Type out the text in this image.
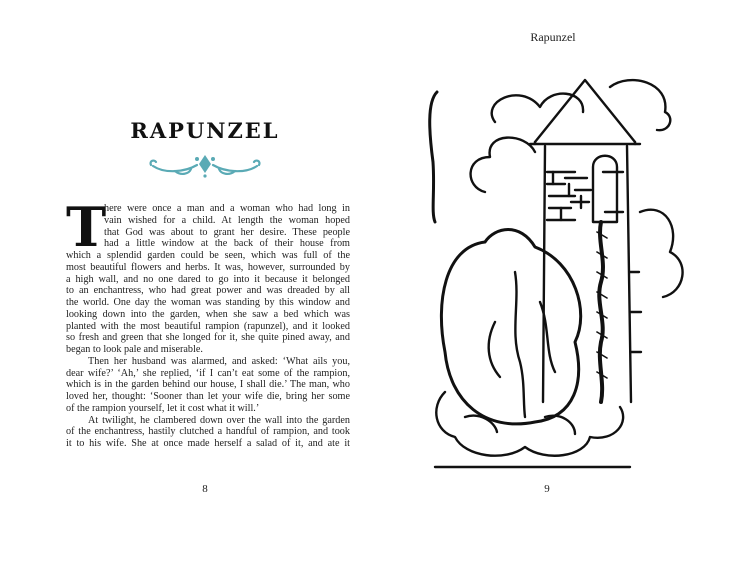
RAPUNZEL
T
here were once a man and a woman who had long in
vain wished for a child. At length the woman hoped
that God was about to grant her desire. These people
had a little window at the back of their house from
which a splendid garden could be seen, which was full of the
most beautiful flowers and herbs. It was, however, surrounded by
a high wall, and no one dared to go into it because it belonged
to an enchantress, who had great power and was dreaded by all
the world. One day the woman was standing by this window and
looking down into the garden, when she saw a bed which was
planted with the most beautiful rampion (rapunzel), and it looked
so fresh and green that she longed for it, she quite pined away, and
began to look pale and miserable.
Then her husband was alarmed, and asked: ‘What ails you,
dear wife?’ ‘Ah,’ she replied, ‘if I can’t eat some of the rampion,
which is in the garden behind our house, I shall die.’ The man, who
loved her, thought: ‘Sooner than let your wife die, bring her some
of the rampion yourself, let it cost what it will.’
At twilight, he clambered down over the wall into the garden
of the enchantress, hastily clutched a handful of rampion, and took
it to his wife. She at once made herself a salad of it, and ate it
8
Rapunzel
9
